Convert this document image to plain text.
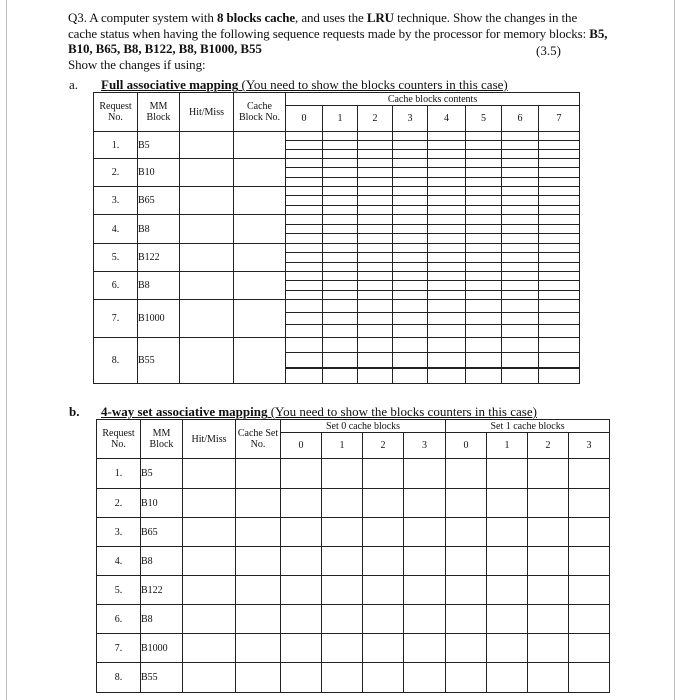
Q3. A computer system with 8 blocks cache, and uses the LRU technique. Show the changes in the cache status when having the following sequence requests made by the processor for memory blocks: B5, B10, B65, B8, B122, B8, B1000, B55
Show the changes if using:
(3.5)
a. Full associative mapping (You need to show the blocks counters in this case)
Request No.	MM Block	Hit/Miss	Cache Block No.	Cache blocks contents							
				0	1	2	3	4	5	6	7
1.	B5			

2.	B10			

3.	B65			

4.	B8			

5.	B122			

6.	B8			

7.	B1000			

8.	B55			

b. 4-way set associative mapping (You need to show the blocks counters in this case)
Request No.	MM Block	Hit/Miss	Cache Set No.	Set 0 cache blocks				Set 1 cache blocks			
				0	1	2	3	0	1	2	3
1.	B5										
2.	B10										
3.	B65										
4.	B8										
5.	B122										
6.	B8										
7.	B1000										
8.	B55										
